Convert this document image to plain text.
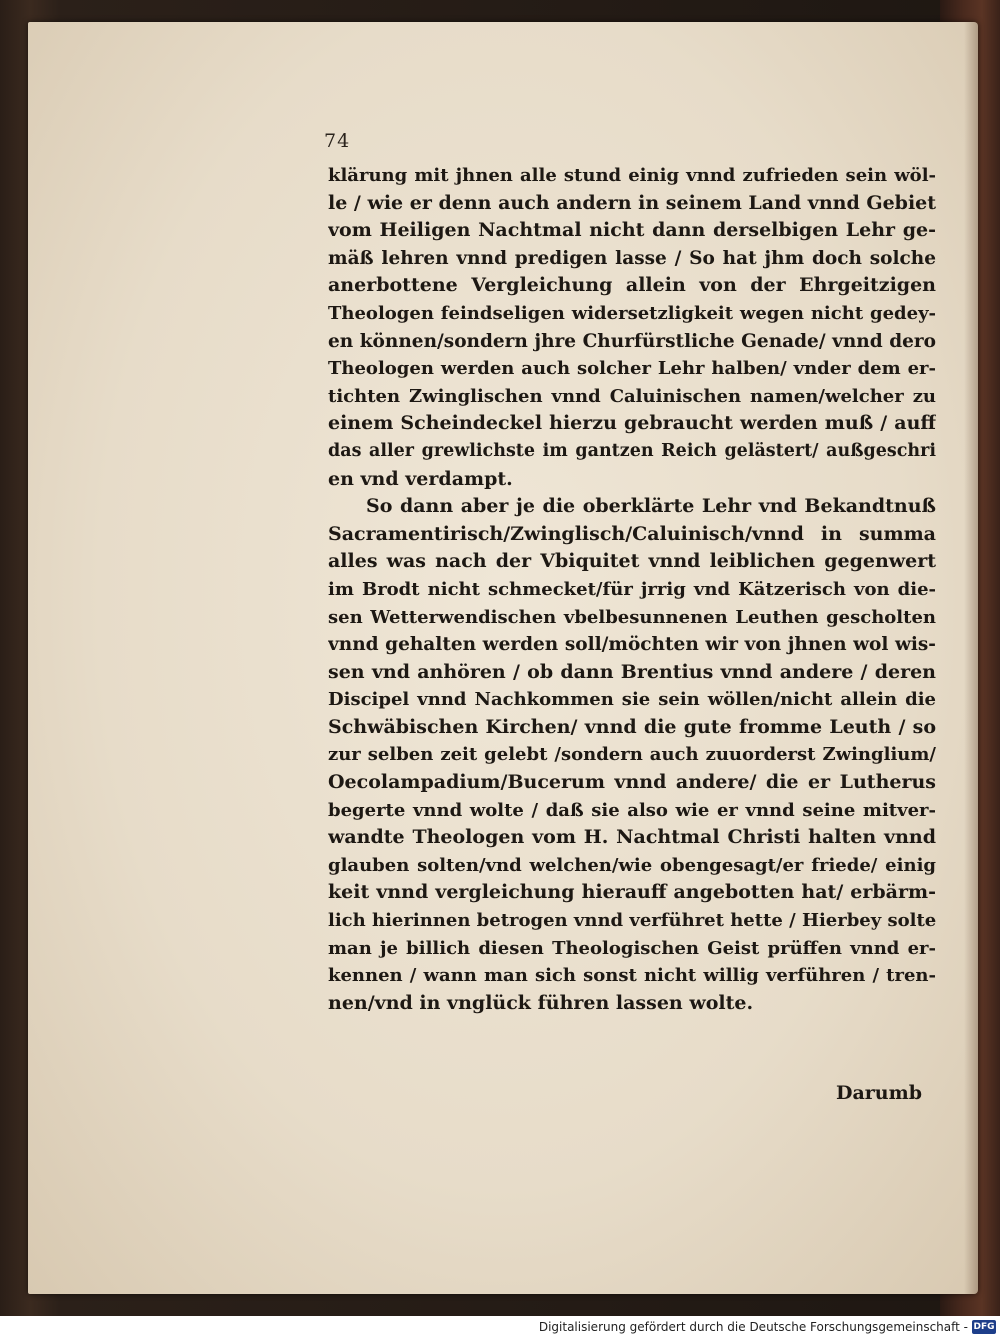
74
klärung mit jhnen alle stund einig vnnd zufrieden sein wöl-
le / wie er denn auch andern in seinem Land vnnd Gebiet
vom Heiligen Nachtmal nicht dann derselbigen Lehr ge-
mäß lehren vnnd predigen lasse / So hat jhm doch solche
anerbottene Vergleichung allein von der Ehrgeitzigen
Theologen feindseligen widersetzligkeit wegen nicht gedey-
en können/sondern jhre Churfürstliche Genade/ vnnd dero
Theologen werden auch solcher Lehr halben/ vnder dem er-
tichten Zwinglischen vnnd Caluinischen namen/welcher zu
einem Scheindeckel hierzu gebraucht werden muß / auff
das aller grewlichste im gantzen Reich gelästert/ außgeschri
en vnd verdampt.
So dann aber je die oberklärte Lehr vnd Bekandtnuß
Sacramentirisch/Zwinglisch/Caluinisch/vnnd in summa
alles was nach der Vbiquitet vnnd leiblichen gegenwert
im Brodt nicht schmecket/für jrrig vnd Kätzerisch von die-
sen Wetterwendischen vbelbesunnenen Leuthen gescholten
vnnd gehalten werden soll/möchten wir von jhnen wol wis-
sen vnd anhören / ob dann Brentius vnnd andere / deren
Discipel vnnd Nachkommen sie sein wöllen/nicht allein die
Schwäbischen Kirchen/ vnnd die gute fromme Leuth / so
zur selben zeit gelebt /sondern auch zuuorderst Zwinglium/
Oecolampadium/Bucerum vnnd andere/ die er Lutherus
begerte vnnd wolte / daß sie also wie er vnnd seine mitver-
wandte Theologen vom H. Nachtmal Christi halten vnnd
glauben solten/vnd welchen/wie obengesagt/er friede/ einig
keit vnnd vergleichung hierauff angebotten hat/ erbärm-
lich hierinnen betrogen vnnd verführet hette / Hierbey solte
man je billich diesen Theologischen Geist prüffen vnnd er-
kennen / wann man sich sonst nicht willig verführen / tren-
nen/vnd in vnglück führen lassen wolte.
Darumb
Digitalisierung gefördert durch die Deutsche Forschungsgemeinschaft - DFG
